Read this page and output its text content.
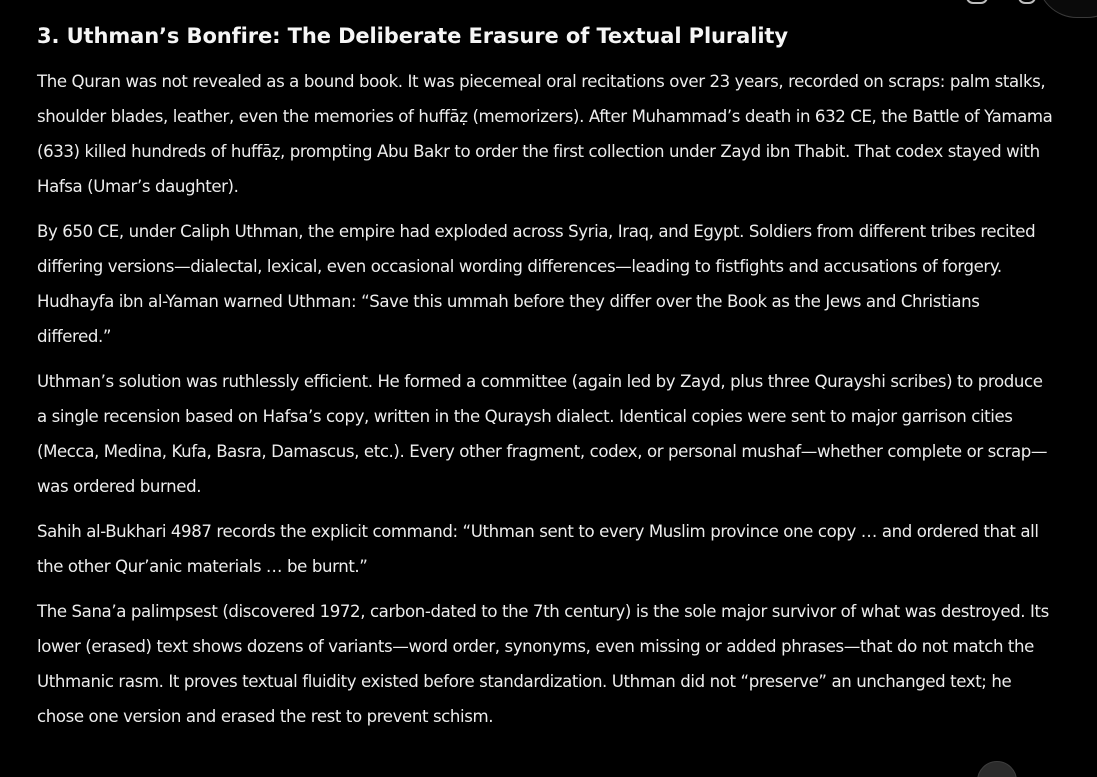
3. Uthman’s Bonfire: The Deliberate Erasure of Textual Plurality

The Quran was not revealed as a bound book. It was piecemeal oral recitations over 23 years, recorded on scraps: palm stalks, shoulder blades, leather, even the memories of huffāẓ (memorizers). After Muhammad’s death in 632 CE, the Battle of Yamama (633) killed hundreds of huffāẓ, prompting Abu Bakr to order the first collection under Zayd ibn Thabit. That codex stayed with Hafsa (Umar’s daughter).

By 650 CE, under Caliph Uthman, the empire had exploded across Syria, Iraq, and Egypt. Soldiers from different tribes recited differing versions—dialectal, lexical, even occasional wording differences—leading to fistfights and accusations of forgery. Hudhayfa ibn al-Yaman warned Uthman: “Save this ummah before they differ over the Book as the Jews and Christians differed.”

Uthman’s solution was ruthlessly efficient. He formed a committee (again led by Zayd, plus three Qurayshi scribes) to produce a single recension based on Hafsa’s copy, written in the Quraysh dialect. Identical copies were sent to major garrison cities (Mecca, Medina, Kufa, Basra, Damascus, etc.). Every other fragment, codex, or personal mushaf—whether complete or scrap—was ordered burned.

Sahih al-Bukhari 4987 records the explicit command: “Uthman sent to every Muslim province one copy … and ordered that all the other Qur’anic materials … be burnt.”

The Sana’a palimpsest (discovered 1972, carbon-dated to the 7th century) is the sole major survivor of what was destroyed. Its lower (erased) text shows dozens of variants—word order, synonyms, even missing or added phrases—that do not match the Uthmanic rasm. It proves textual fluidity existed before standardization. Uthman did not “preserve” an unchanged text; he chose one version and erased the rest to prevent schism.
